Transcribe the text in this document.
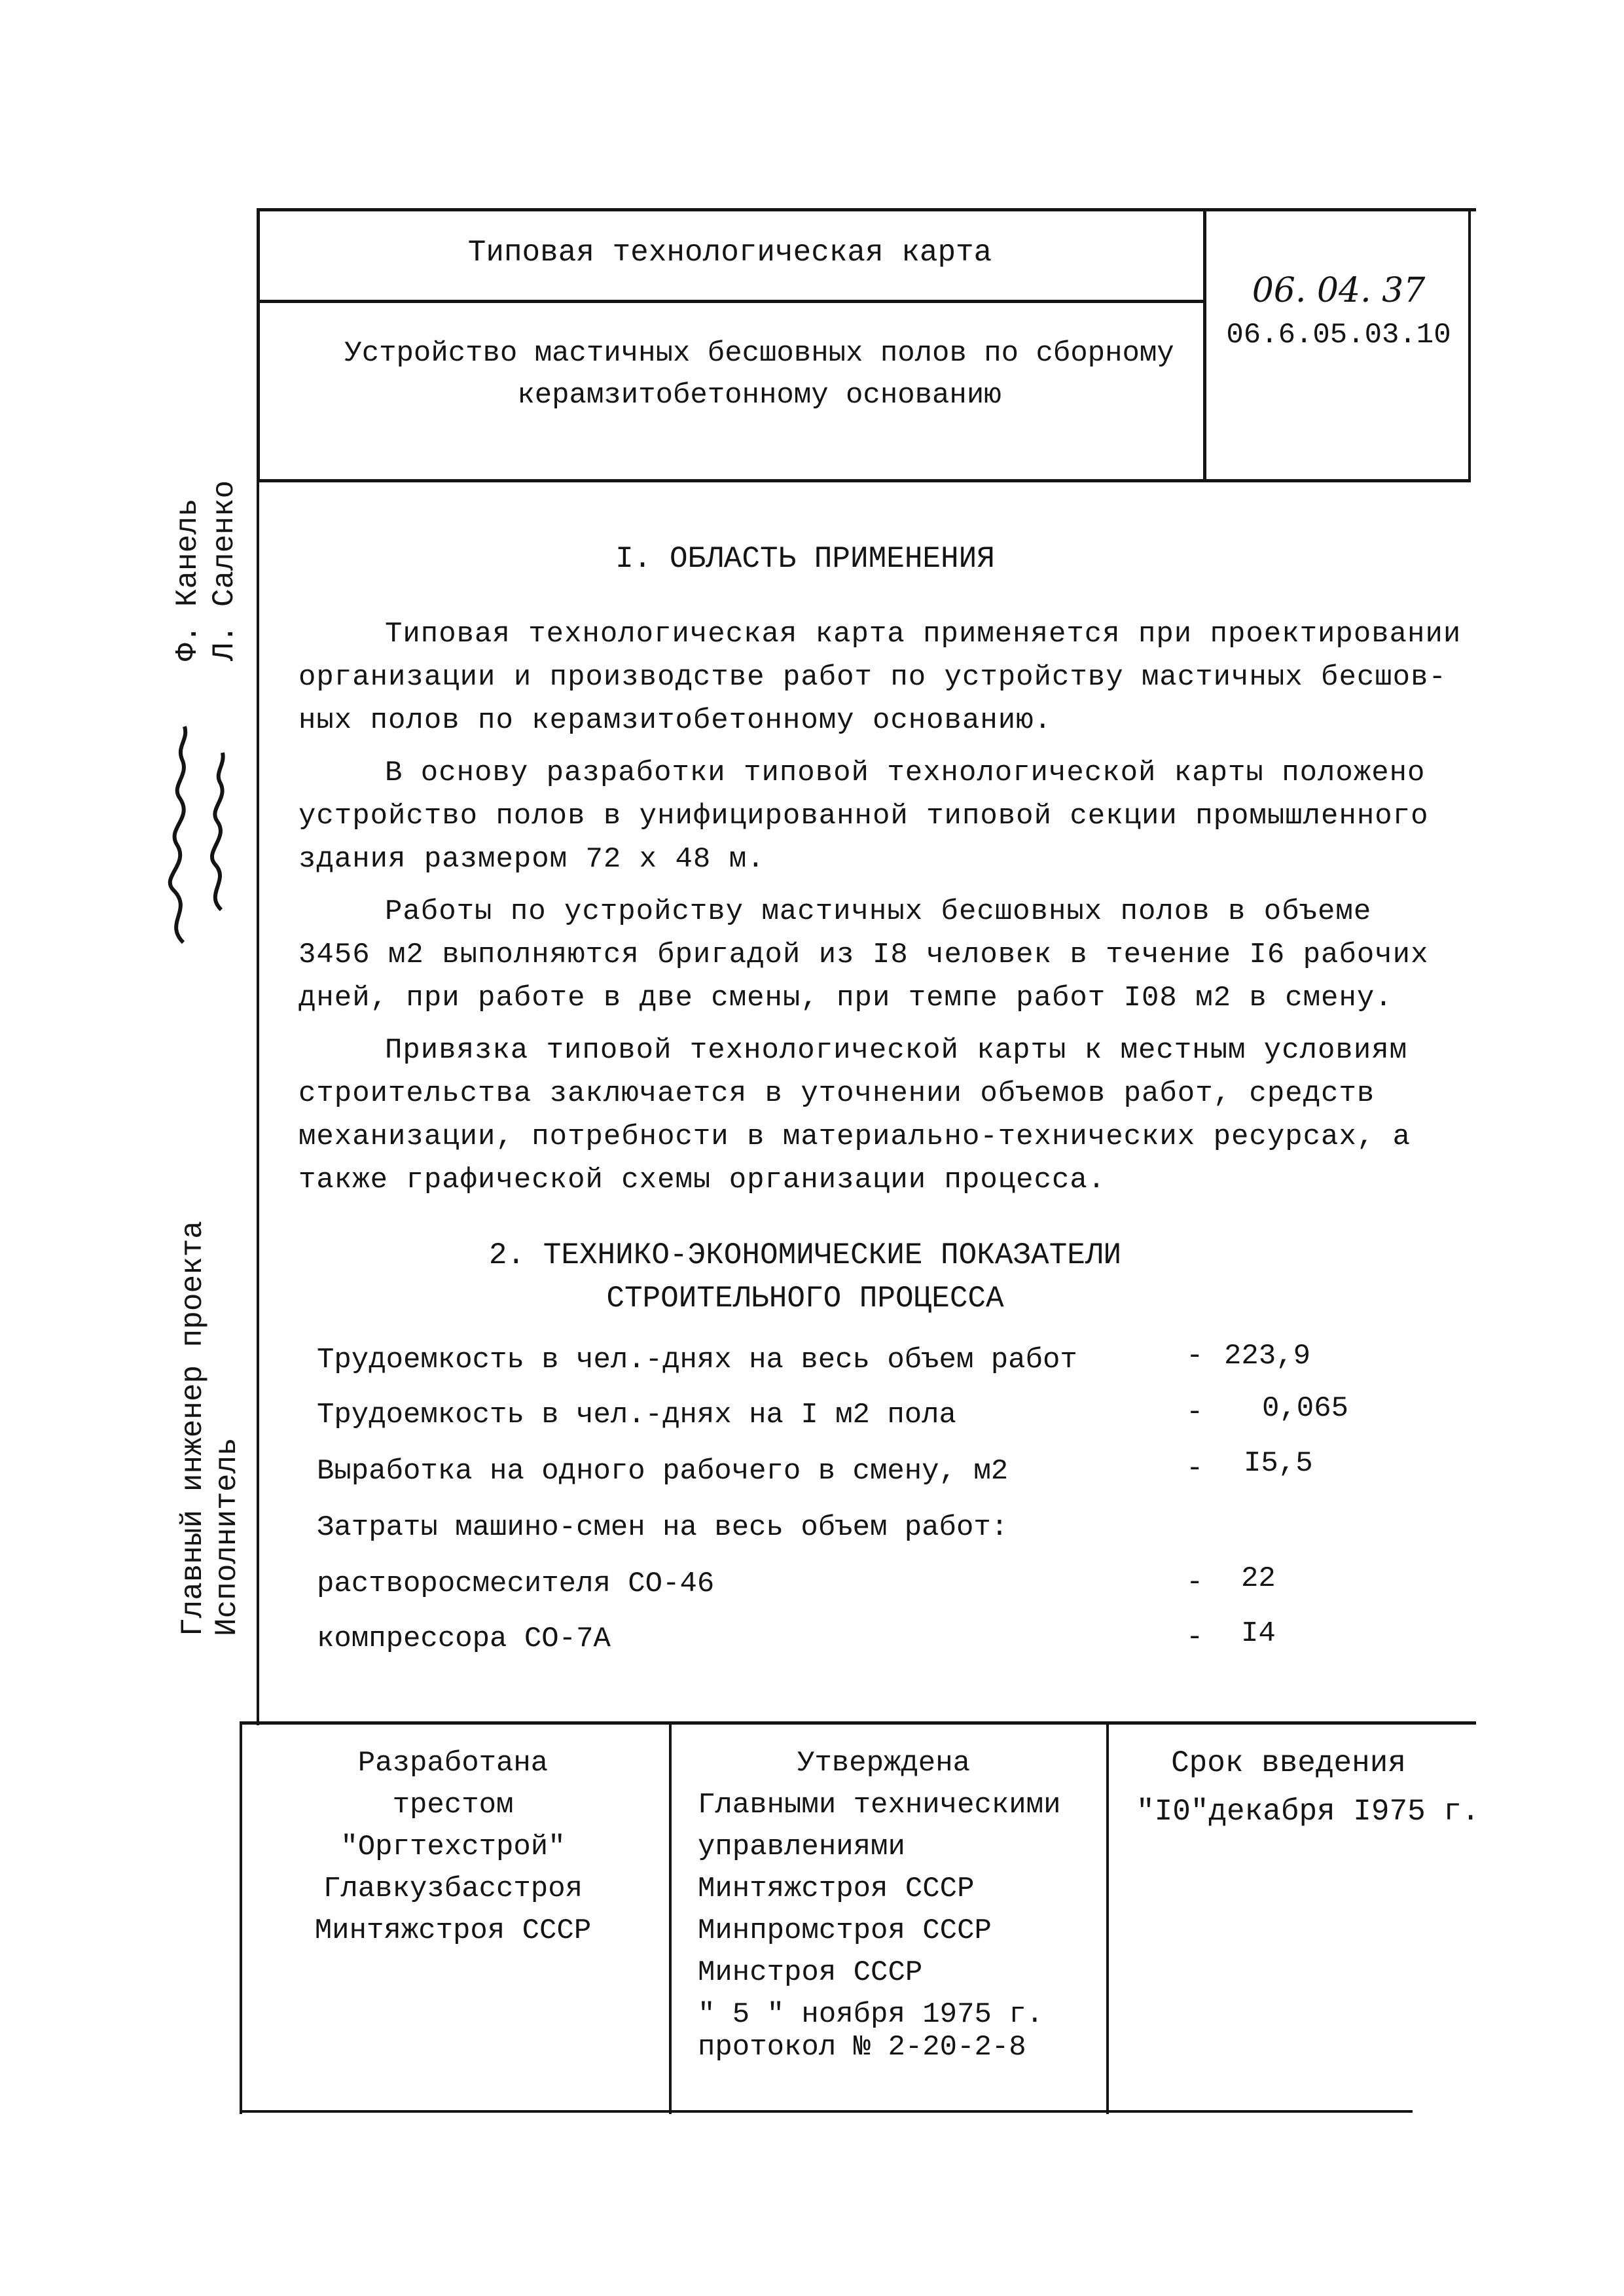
Типовая технологическая карта
Устройство мастичных бесшовных полов по сборному
керамзитобетонному основанию
06. 04. 37
06.6.05.03.10
Ф. Канель Л. Саленко
Главный инженер проекта Исполнитель
I. ОБЛАСТЬ ПРИМЕНЕНИЯ
Типовая технологическая карта применяется при проектировании
организации и производстве работ по устройству мастичных бесшов-
ных полов по керамзитобетонному основанию.
В основу разработки типовой технологической карты положено
устройство полов в унифицированной типовой секции промышленного
здания размером 72 х 48 м.
Работы по устройству мастичных бесшовных полов в объеме
3456 м2 выполняются бригадой из I8 человек в течение I6 рабочих
дней, при работе в две смены, при темпе работ I08 м2 в смену.
Привязка типовой технологической карты к местным условиям
строительства заключается в уточнении объемов работ, средств
механизации, потребности в материально-технических ресурсах, а
также графической схемы организации процесса.
2. ТЕХНИКО-ЭКОНОМИЧЕСКИЕ ПОКАЗАТЕЛИ
СТРОИТЕЛЬНОГО ПРОЦЕССА
Трудоемкость в чел.-днях на весь объем работ	- 223,9
Трудоемкость в чел.-днях на I м2 пола	- 0,065
Выработка на одного рабочего в смену, м2	- I5,5
Затраты машино-смен на весь объем работ:
растворосмесителя СО-46	- 22
компрессора СО-7А	- I4
Разработана
трестом
"Оргтехстрой"
Главкузбасстроя
Минтяжстроя СССР
Утверждена
Главными техническими
управлениями
Минтяжстроя СССР
Минпромстроя СССР
Минстроя СССР
" 5 " ноября 1975 г.
протокол № 2-20-2-8
Срок введения
"I0"декабря I975 г.
